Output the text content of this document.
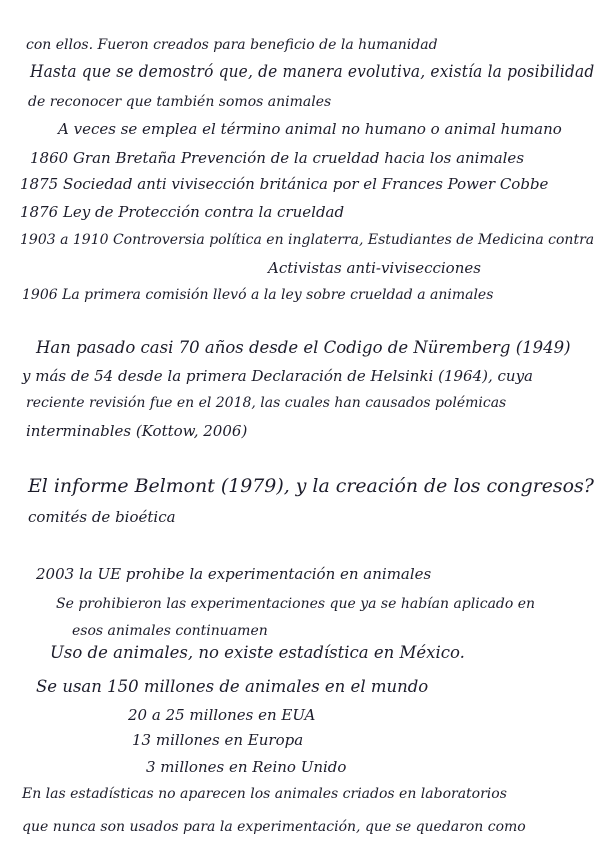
con ellos. Fueron creados para beneficio de la humanidad
Hasta que se demostró que, de manera evolutiva, existía la posibilidad
de reconocer que también somos animales
A veces se emplea el término animal no humano o animal humano
1860 Gran Bretaña Prevención de la crueldad hacia los animales
1875 Sociedad anti vivisección británica por el Frances Power Cobbe
1876 Ley de Protección contra la crueldad
1903 a 1910 Controversia política en inglaterra, Estudiantes de Medicina contra
Activistas anti-vivisecciones
1906 La primera comisión llevó a la ley sobre crueldad a animales
Han pasado casi 70 años desde el Codigo de Nüremberg (1949)
y más de 54 desde la primera Declaración de Helsinki (1964), cuya
reciente revisión fue en el 2018, las cuales han causados polémicas
interminables (Kottow, 2006)
El informe Belmont (1979), y la creación de los congresos?
comités de bioética
2003 la UE prohibe la experimentación en animales
Se prohibieron las experimentaciones que ya se habían aplicado en
esos animales continuamen
Uso de animales, no existe estadística en México.
Se usan 150 millones de animales en el mundo
20 a 25 millones en EUA
13 millones en Europa
3 millones en Reino Unido
En las estadísticas no aparecen los animales criados en laboratorios
que nunca son usados para la experimentación, que se quedaron como
